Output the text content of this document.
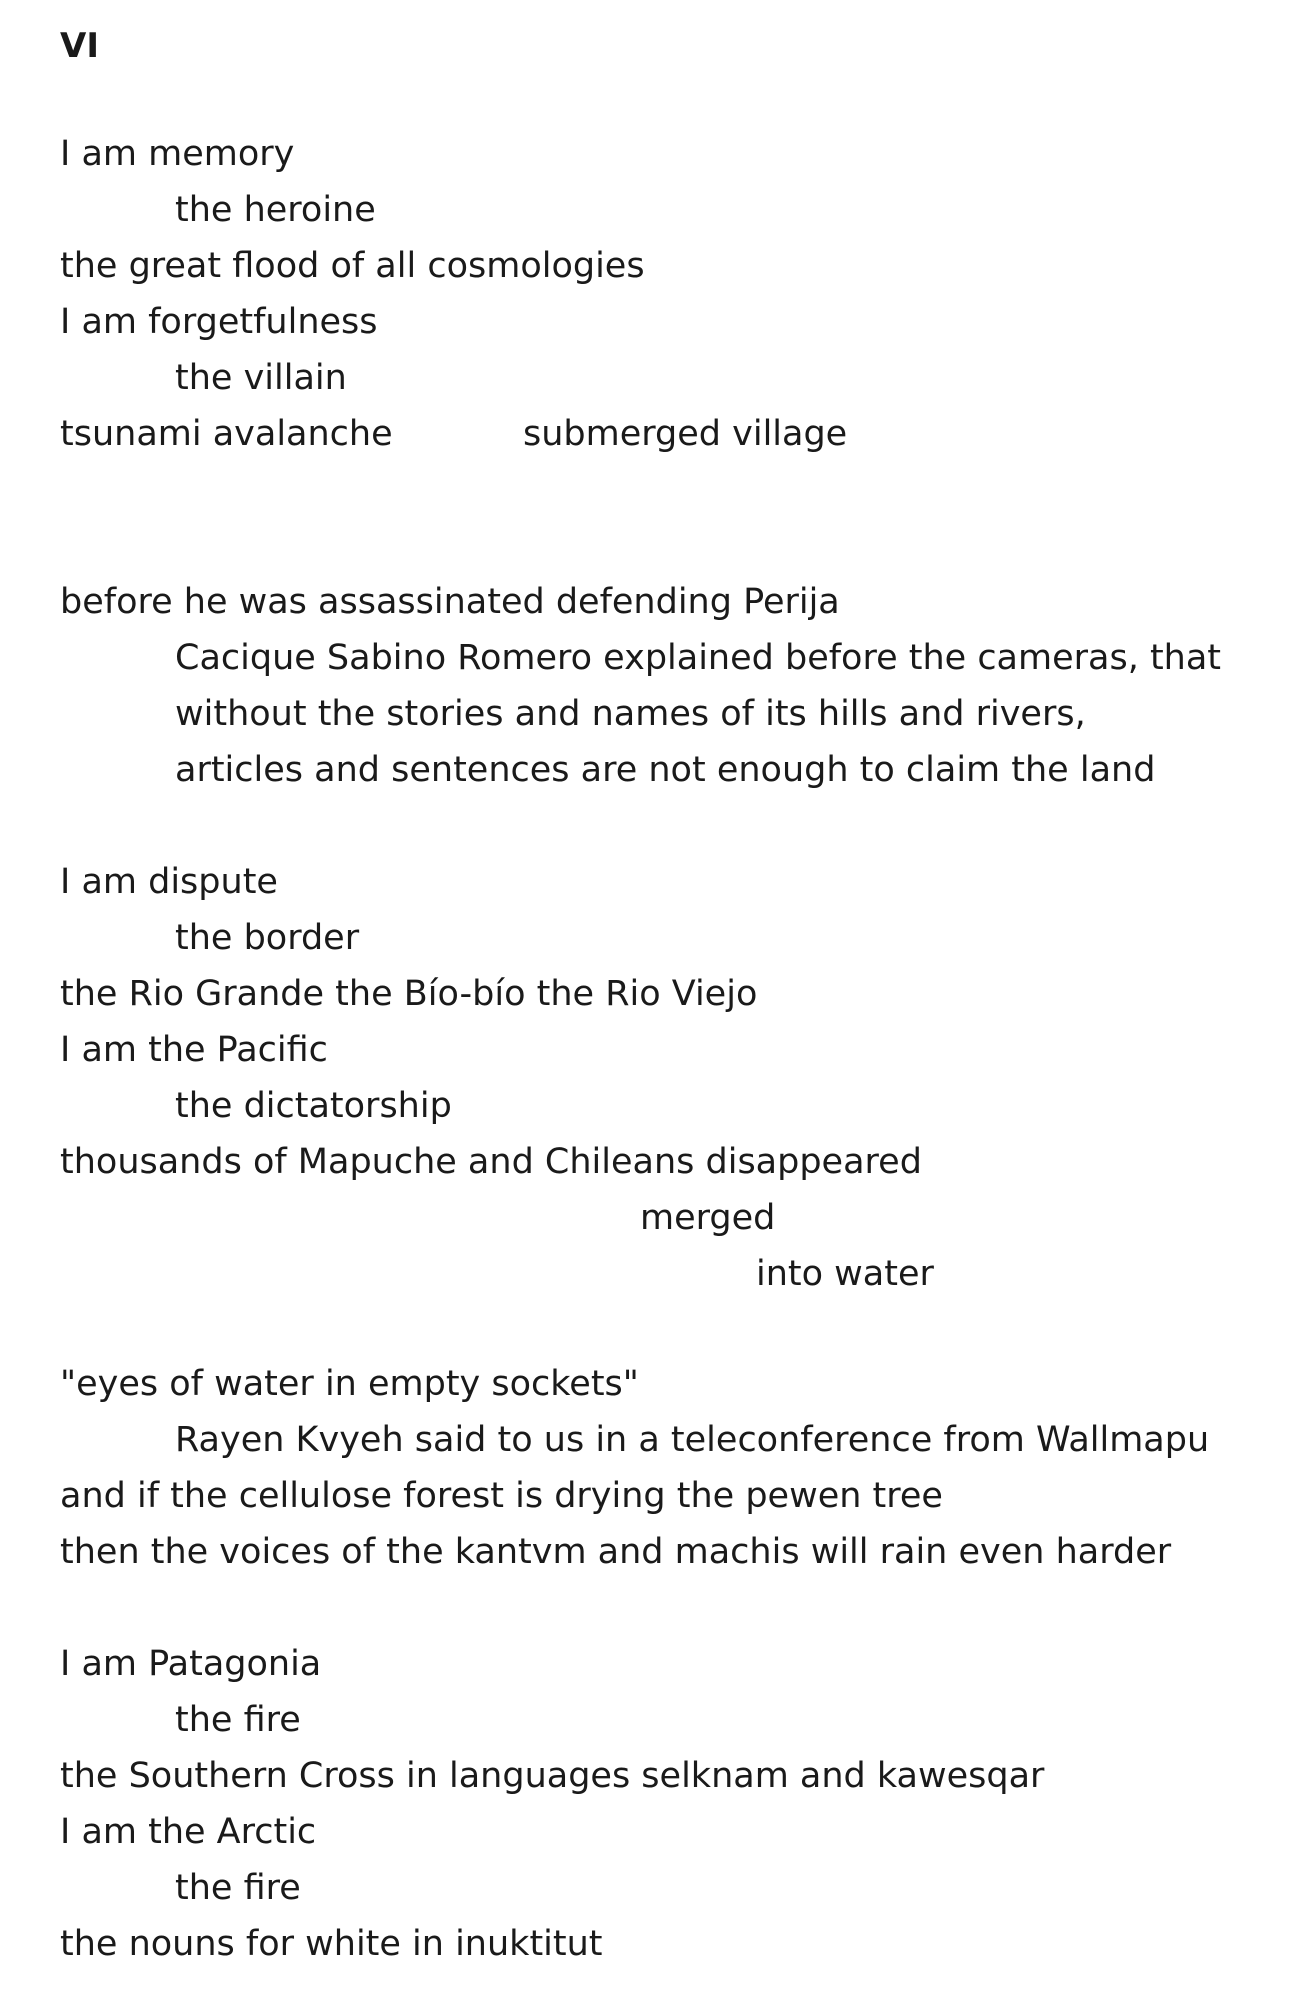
VI
I am memory
the heroine
the great flood of all cosmologies
I am forgetfulness
the villain
tsunami avalanche	submerged village
before he was assassinated defending Perija
Cacique Sabino Romero explained before the cameras, that
without the stories and names of its hills and rivers,
articles and sentences are not enough to claim the land
I am dispute
the border
the Rio Grande the Bío-bío the Rio Viejo
I am the Pacific
the dictatorship
thousands of Mapuche and Chileans disappeared
merged
into water
"eyes of water in empty sockets"
Rayen Kvyeh said to us in a teleconference from Wallmapu
and if the cellulose forest is drying the pewen tree
then the voices of the kantvm and machis will rain even harder
I am Patagonia
the fire
the Southern Cross in languages selknam and kawesqar
I am the Arctic
the fire
the nouns for white in inuktitut
